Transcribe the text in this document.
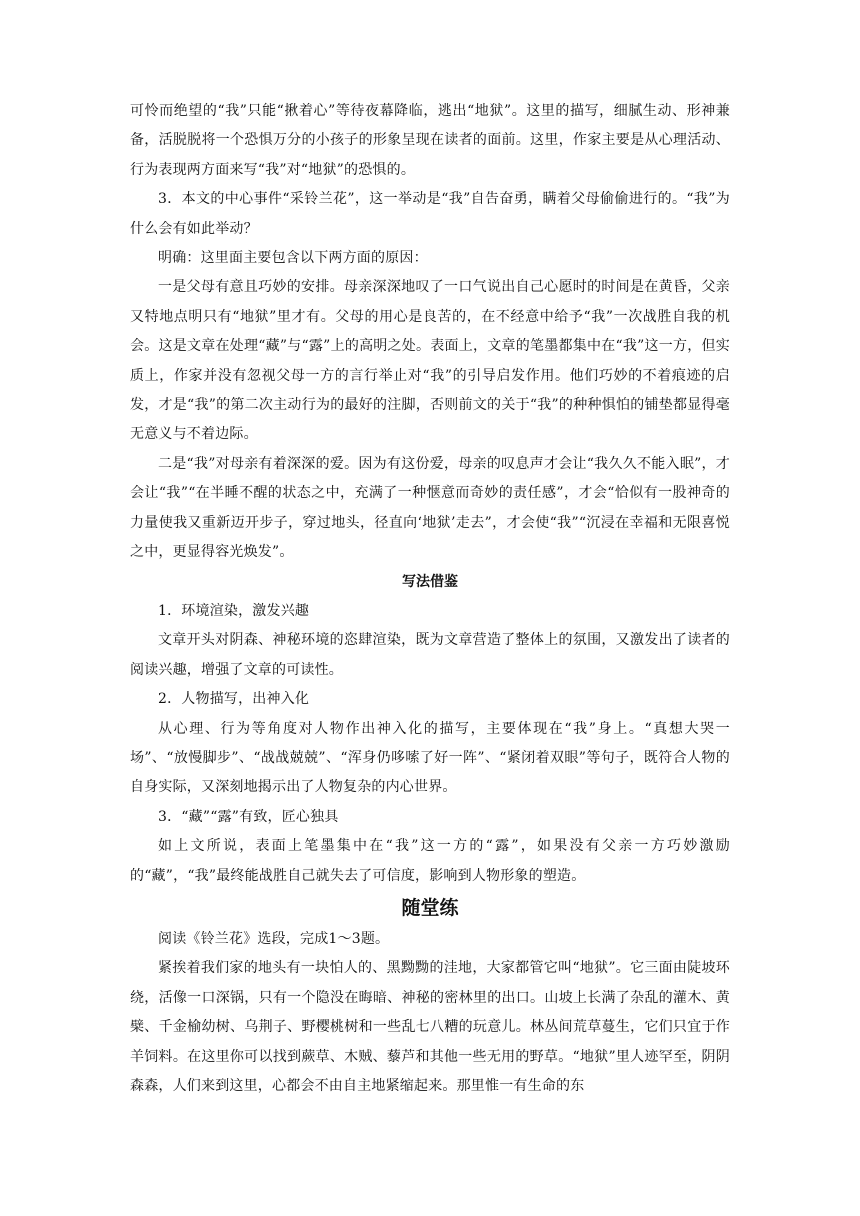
可怜而绝望的“我”只能“揪着心”等待夜幕降临，逃出“地狱”。这里的描写，细腻生动、形神兼备，活脱脱将一个恐惧万分的小孩子的形象呈现在读者的面前。这里，作家主要是从心理活动、行为表现两方面来写“我”对“地狱”的恐惧的。

3．本文的中心事件“采铃兰花”，这一举动是“我”自告奋勇，瞒着父母偷偷进行的。“我”为什么会有如此举动？

明确：这里面主要包含以下两方面的原因：

一是父母有意且巧妙的安排。母亲深深地叹了一口气说出自己心愿时的时间是在黄昏，父亲又特地点明只有“地狱”里才有。父母的用心是良苦的，在不经意中给予“我”一次战胜自我的机会。这是文章在处理“藏”与“露”上的高明之处。表面上，文章的笔墨都集中在“我”这一方，但实质上，作家并没有忽视父母一方的言行举止对“我”的引导启发作用。他们巧妙的不着痕迹的启发，才是“我”的第二次主动行为的最好的注脚，否则前文的关于“我”的种种惧怕的铺垫都显得毫无意义与不着边际。

二是“我”对母亲有着深深的爱。因为有这份爱，母亲的叹息声才会让“我久久不能入眠”，才会让“我”“在半睡不醒的状态之中，充满了一种惬意而奇妙的责任感”，才会“恰似有一股神奇的力量使我又重新迈开步子，穿过地头，径直向‘地狱’走去”，才会使“我”“沉浸在幸福和无限喜悦之中，更显得容光焕发”。

写法借鉴

1．环境渲染，激发兴趣

文章开头对阴森、神秘环境的恣肆渲染，既为文章营造了整体上的氛围，又激发出了读者的阅读兴趣，增强了文章的可读性。

2．人物描写，出神入化

从心理、行为等角度对人物作出神入化的描写，主要体现在“我”身上。“真想大哭一场”、“放慢脚步”、“战战兢兢”、“浑身仍哆嗦了好一阵”、“紧闭着双眼”等句子，既符合人物的自身实际，又深刻地揭示出了人物复杂的内心世界。

3．“藏”“露”有致，匠心独具

如上文所说，表面上笔墨集中在“我”这一方的“露”，如果没有父亲一方巧妙激励的“藏”，“我”最终能战胜自己就失去了可信度，影响到人物形象的塑造。

随堂练

阅读《铃兰花》选段，完成1～3题。

紧挨着我们家的地头有一块怕人的、黑黝黝的洼地，大家都管它叫“地狱”。它三面由陡坡环绕，活像一口深锅，只有一个隐没在晦暗、神秘的密林里的出口。山坡上长满了杂乱的灌木、黄檗、千金榆幼树、乌荆子、野樱桃树和一些乱七八糟的玩意儿。林丛间荒草蔓生，它们只宜于作羊饲料。在这里你可以找到蕨草、木贼、藜芦和其他一些无用的野草。“地狱”里人迹罕至，阴阴森森，人们来到这里，心都会不由自主地紧缩起来。那里惟一有生命的东
